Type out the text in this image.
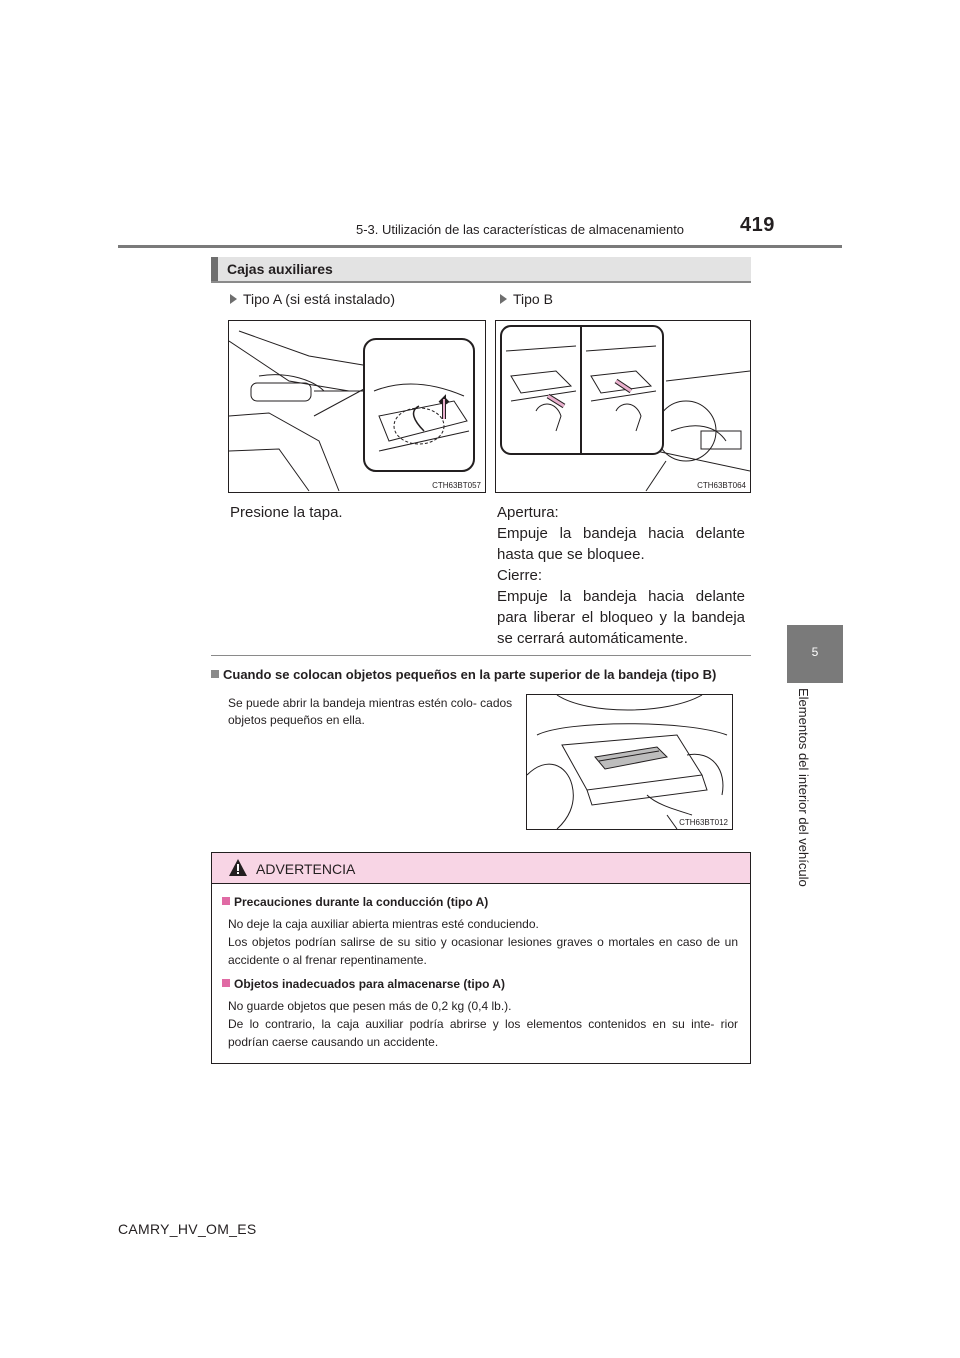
5-3. Utilización de las características de almacenamiento	419
5
Elementos del interior del vehículo
Cajas auxiliares
Tipo A (si está instalado)	Tipo B
CTH63BT057	CTH63BT064
Presione la tapa.	Apertura:
Empuje la bandeja hacia delante hasta que se bloquee.
Cierre:
Empuje la bandeja hacia delante para liberar el bloqueo y la bandeja se cerrará automáticamente.
Cuando se colocan objetos pequeños en la parte superior de la bandeja (tipo B)
Se puede abrir la bandeja mientras estén colo- cados objetos pequeños en ella.
CTH63BT012
ADVERTENCIA

Precauciones durante la conducción (tipo A)

No deje la caja auxiliar abierta mientras esté conduciendo.

Los objetos podrían salirse de su sitio y ocasionar lesiones graves o mortales en caso de un accidente o al frenar repentinamente.

Objetos inadecuados para almacenarse (tipo A)

No guarde objetos que pesen más de 0,2 kg (0,4 lb.).

De lo contrario, la caja auxiliar podría abrirse y los elementos contenidos en su inte- rior podrían caerse causando un accidente.

CAMRY_HV_OM_ES
